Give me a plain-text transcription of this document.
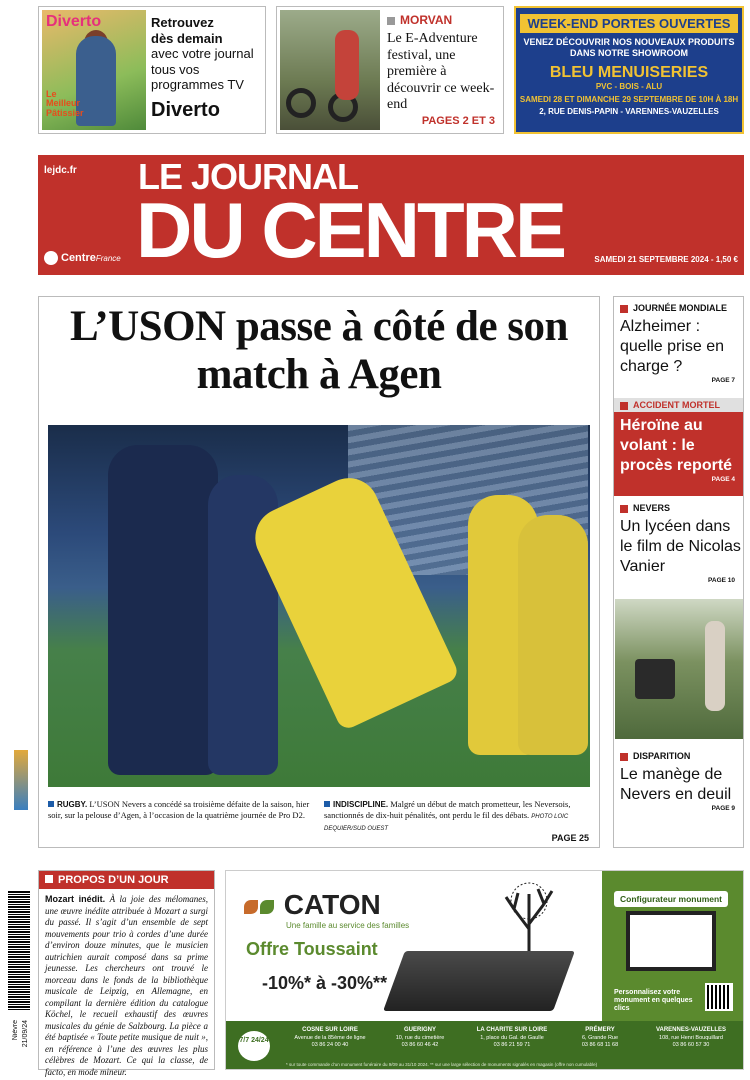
Diverto
Le Meilleur Pâtissier
Retrouvez
dès demain
avec votre journal tous vos programmes TV
Diverto
MORVAN
Le E-Adventure festival, une première à découvrir ce week-end
PAGES 2 ET 3
WEEK-END PORTES OUVERTES
VENEZ DÉCOUVRIR NOS NOUVEAUX PRODUITS DANS NOTRE SHOWROOM
BLEU MENUISERIES
PVC - BOIS - ALU
SAMEDI 28 ET DIMANCHE 29 SEPTEMBRE DE 10H À 18H
2, RUE DENIS-PAPIN - VARENNES-VAUZELLES
lejdc.fr LE JOURNAL
DU CENTRE
CentreFrance	SAMEDI 21 SEPTEMBRE 2024 - 1,50 €
L’USON passe à côté de son match à Agen
RUGBY. L’USON Nevers a concédé sa troisième défaite de la saison, hier soir, sur la pelouse d’Agen, à l’occasion de la quatrième journée de Pro D2.
INDISCIPLINE. Malgré un début de match prometteur, les Neversois, sanctionnés de dix-huit pénalités, ont perdu le fil des débats. PHOTO LOIC DEQUIER/SUD OUEST
PAGE 25
JOURNÉE MONDIALE
Alzheimer : quelle prise en charge ?
PAGE 7
ACCIDENT MORTEL
Héroïne au volant : le procès reporté
PAGE 4
NEVERS
Un lycéen dans le film de Nicolas Vanier
PAGE 10
DISPARITION
Le manège de Nevers en deuil
PAGE 9
Nièvre 21/09/24
PROPOS D’UN JOUR
Mozart inédit. À la joie des mélomanes, une œuvre inédite attribuée à Mozart a surgi du passé. Il s’agit d’un ensemble de sept mouvements pour trio à cordes d’une durée d’environ douze minutes, que le musicien autrichien aurait composé dans sa prime jeunesse. Les chercheurs ont trouvé le morceau dans le fonds de la bibliothèque musicale de Leipzig, en Allemagne, en compilant la dernière édition du catalogue Köchel, le recueil exhaustif des œuvres musicales du génie de Salzbourg. La pièce a été baptisée « Toute petite musique de nuit », en référence à l’une des œuvres les plus célèbres de Mozart. Ce qui la classe, de facto, en mode mineur.
CATON
Une famille au service des familles
Offre Toussaint
-10%* à -30%**
Configurateur monument
Personnalisez votre monument en quelques clics
7/7 24/24
COSNE SUR LOIRE
Avenue de la 85ème de ligne
03 86 24 00 40
GUERIGNY
10, rue du cimetière
03 86 60 46 42
LA CHARITE SUR LOIRE
1, place du Gal. de Gaulle
03 86 21 59 71
PRÉMERY
6, Grande Rue
03 86 68 11 68
VARENNES-VAUZELLES
108, rue Henri Bouquillard
03 86 60 57 30
* sur toute commande d’un monument funéraire du 9/09 au 31/10 2024. ** sur une large sélection de monuments signalés en magasin (offre non cumulable)
